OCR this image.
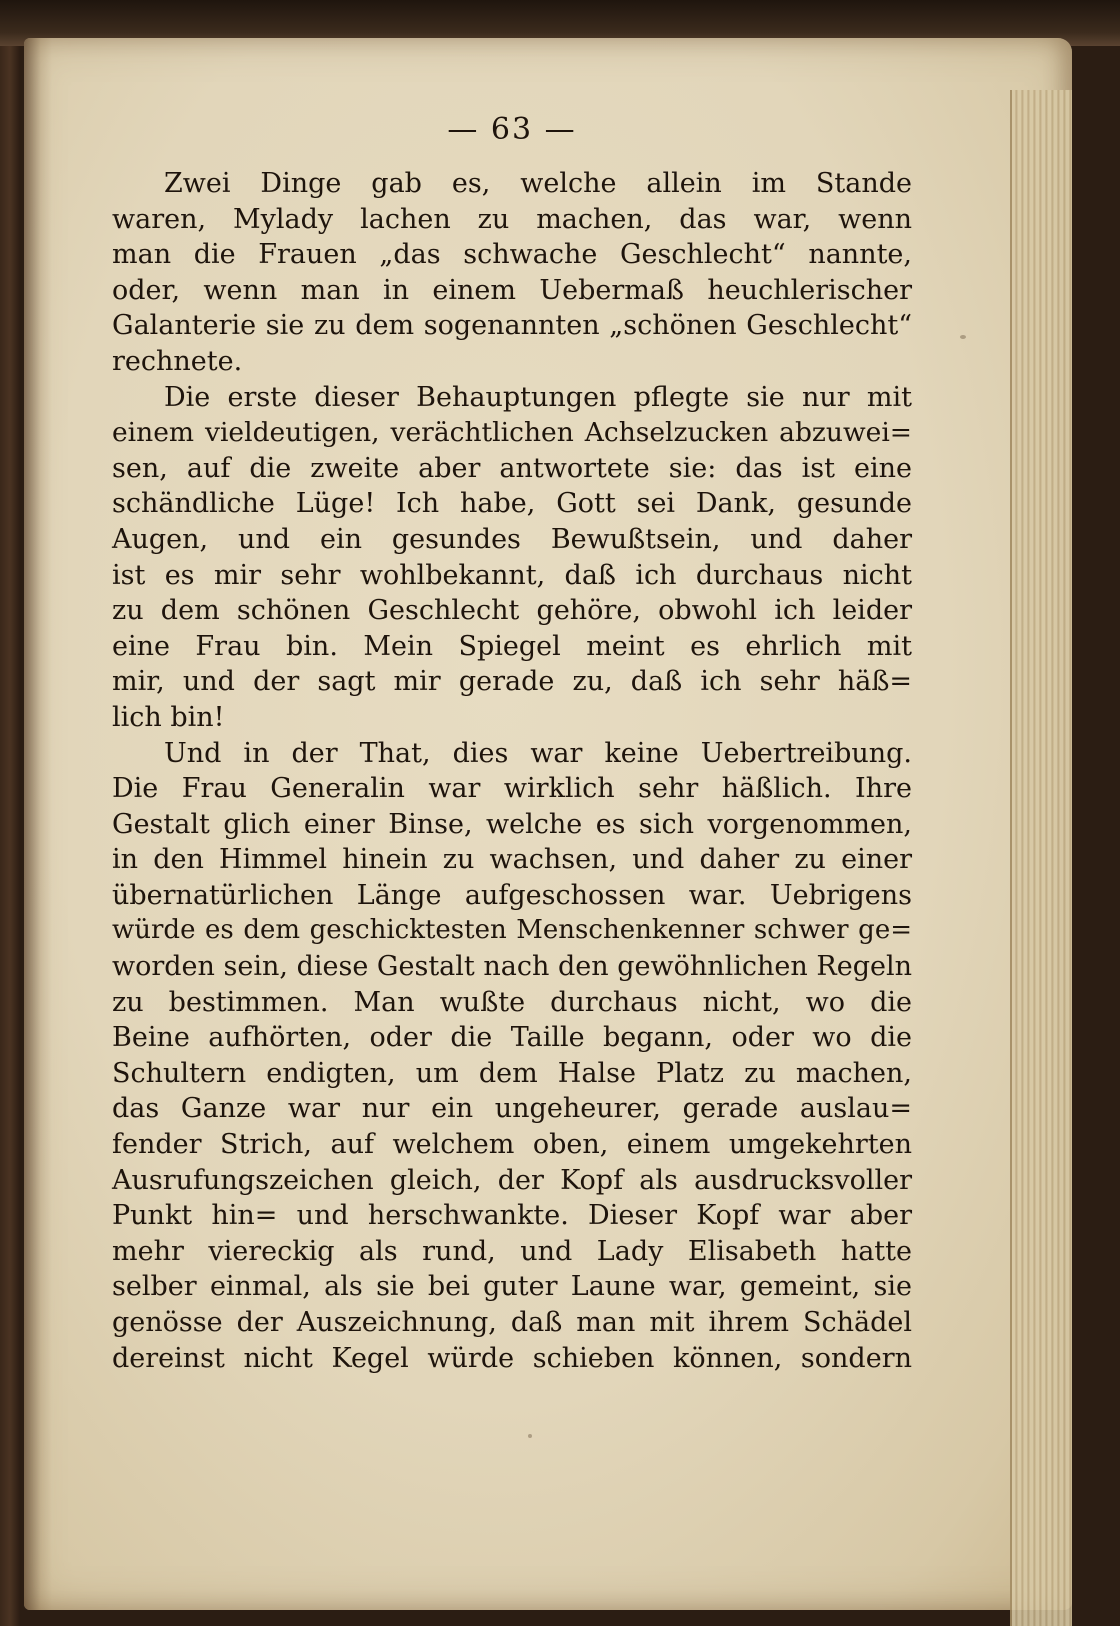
— 63 —
Zwei Dinge gab es, welche allein im Stande
waren, Mylady lachen zu machen, das war, wenn
man die Frauen „das schwache Geschlecht“ nannte,
oder, wenn man in einem Uebermaß heuchlerischer
Galanterie sie zu dem sogenannten „schönen Geschlecht“
rechnete.
Die erste dieser Behauptungen pflegte sie nur mit
einem vieldeutigen, verächtlichen Achselzucken abzuwei=
sen, auf die zweite aber antwortete sie: das ist eine
schändliche Lüge! Ich habe, Gott sei Dank, gesunde
Augen, und ein gesundes Bewußtsein, und daher
ist es mir sehr wohlbekannt, daß ich durchaus nicht
zu dem schönen Geschlecht gehöre, obwohl ich leider
eine Frau bin. Mein Spiegel meint es ehrlich mit
mir, und der sagt mir gerade zu, daß ich sehr häß=
lich bin!
Und in der That, dies war keine Uebertreibung.
Die Frau Generalin war wirklich sehr häßlich. Ihre
Gestalt glich einer Binse, welche es sich vorgenommen,
in den Himmel hinein zu wachsen, und daher zu einer
übernatürlichen Länge aufgeschossen war. Uebrigens
würde es dem geschicktesten Menschenkenner schwer ge=
worden sein, diese Gestalt nach den gewöhnlichen Regeln
zu bestimmen. Man wußte durchaus nicht, wo die
Beine aufhörten, oder die Taille begann, oder wo die
Schultern endigten, um dem Halse Platz zu machen,
das Ganze war nur ein ungeheurer, gerade auslau=
fender Strich, auf welchem oben, einem umgekehrten
Ausrufungszeichen gleich, der Kopf als ausdrucksvoller
Punkt hin= und herschwankte. Dieser Kopf war aber
mehr viereckig als rund, und Lady Elisabeth hatte
selber einmal, als sie bei guter Laune war, gemeint, sie
genösse der Auszeichnung, daß man mit ihrem Schädel
dereinst nicht Kegel würde schieben können, sondern
